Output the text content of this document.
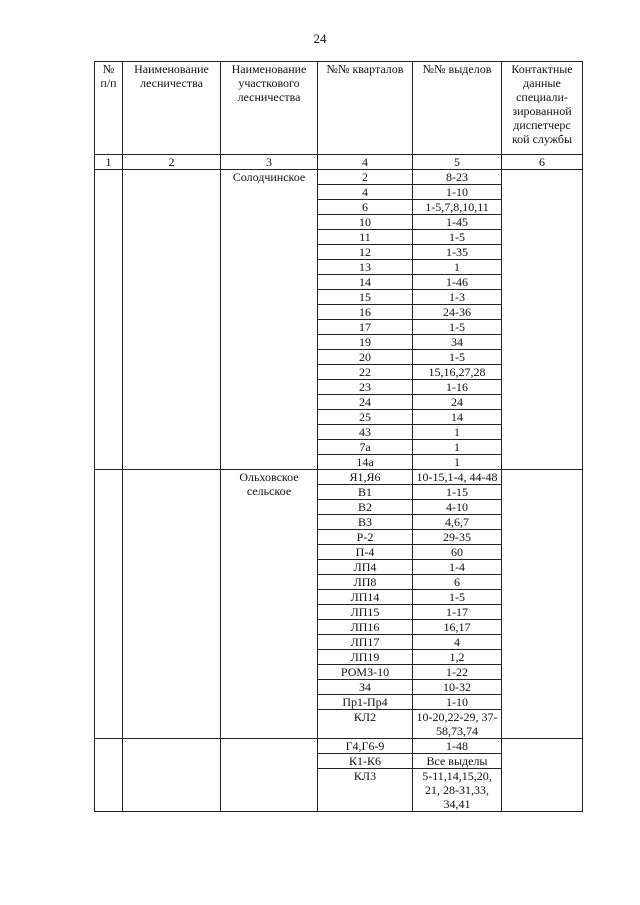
24
№ п/п	Наименование лесничества	Наименование участкового лесничества	№№ кварталов	№№ выделов	Контактные данные специали-зированной диспетчерс кой службы
1	2	3	4	5	6
		Солодчинское	2	8-23	
			4	1-10	
			6	1-5,7,8,10,11	
			10	1-45	
			11	1-5	
			12	1-35	
			13	1	
			14	1-46	
			15	1-3	
			16	24-36	
			17	1-5	
			19	34	
			20	1-5	
			22	15,16,27,28	
			23	1-16	
			24	24	
			25	14	
			43	1	
			7а	1	
			14а	1	
		Ольховское сельское	Я1,Я6	10-15,1-4, 44-48	
			В1	1-15	
			В2	4-10	
			В3	4,6,7	
			Р-2	29-35	
			П-4	60	
			ЛП4	1-4	
			ЛП8	6	
			ЛП14	1-5	
			ЛП15	1-17	
			ЛП16	16,17	
			ЛП17	4	
			ЛП19	1,2	
			РОМЗ-10	1-22	
			З4	10-32	
			Пр1-Пр4	1-10	
			КЛ2	10-20,22-29, 37-58,73,74	
			Г4,Г6-9	1-48	
			К1-К6	Все выделы	
			КЛ3	5-11,14,15,20, 21, 28-31,33, 34,41	
